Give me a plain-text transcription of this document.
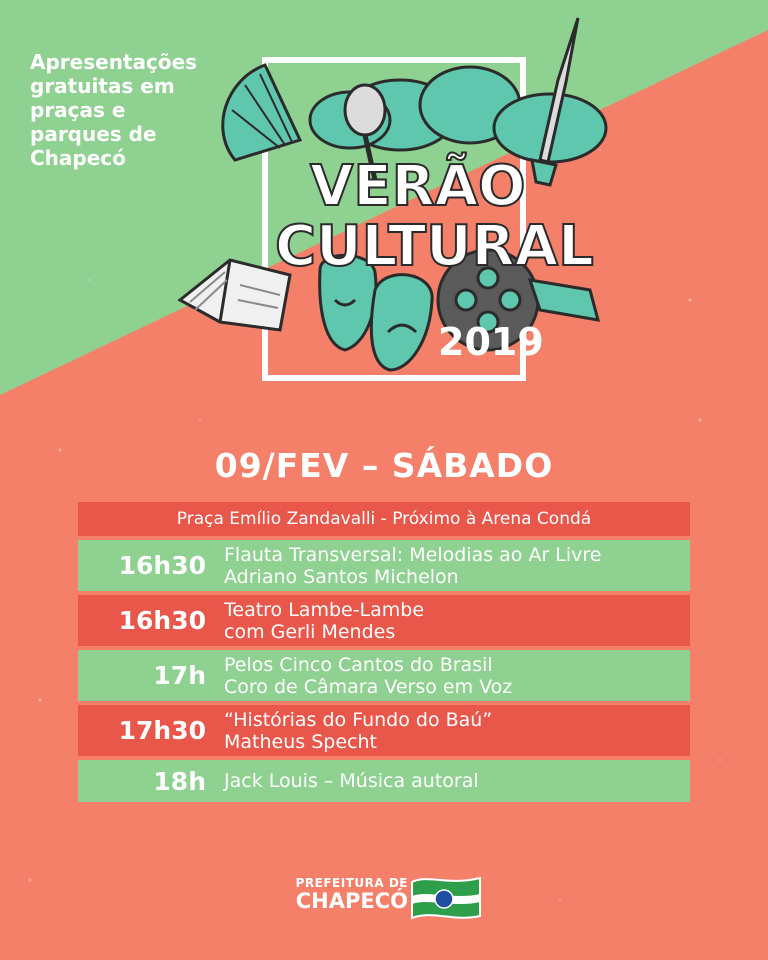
Apresentações
gratuitas em
praças e
parques de
Chapecó	VERÃO
CULTURAL
2019
09/FEV – SÁBADO
Praça Emílio Zandavalli - Próximo à Arena Condá
16h30 Flauta Transversal: Melodias ao Ar Livre
Adriano Santos Michelon
16h30 Teatro Lambe-Lambe
com Gerli Mendes
17h Pelos Cinco Cantos do Brasil
Coro de Câmara Verso em Voz
17h30 “Histórias do Fundo do Baú”
Matheus Specht
18h Jack Louis – Música autoral
PREFEITURA DE
CHAPECÓ
